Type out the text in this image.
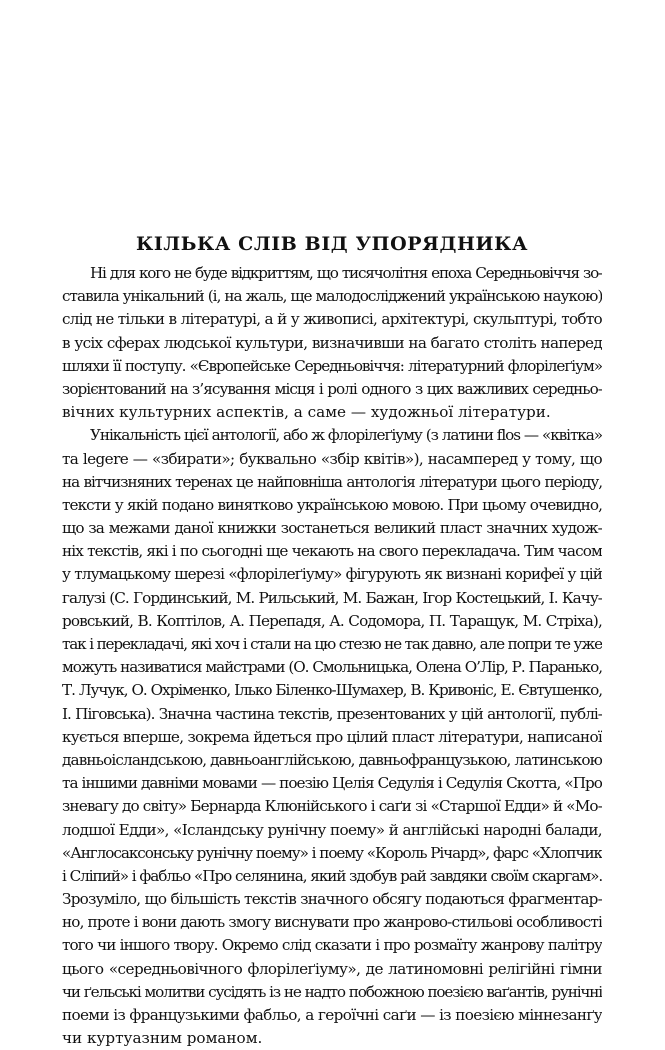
КІЛЬКА СЛІВ ВІД УПОРЯДНИКА
Ні для кого не буде відкриттям, що тисячолітня епоха Середньовіччя зо-
ставила унікальний (і, на жаль, ще малодосліджений українською наукою)
слід не тільки в літературі, а й у живописі, архітектурі, скульптурі, тобто
в усіх сферах людської культури, визначивши на багато століть наперед
шляхи її поступу. «Європейське Середньовіччя: літературний флорілеґіум»
зорієнтований на з’ясування місця і ролі одного з цих важливих середньо-
вічних культурних аспектів, а саме — художньої літератури.
Унікальність цієї антології, або ж флорілеґіуму (з латини flos — «квітка»
та legere — «збирати»; буквально «збір квітів»), насамперед у тому, що
на вітчизняних теренах це найповніша антологія літератури цього періоду,
тексти у якій подано винятково українською мовою. При цьому очевидно,
що за межами даної книжки зостанеться великий пласт значних худож-
ніх текстів, які і по сьогодні ще чекають на свого перекладача. Тим часом
у тлумацькому шерезі «флорілеґіуму» фігурують як визнані корифеї у цій
галузі (С. Гординський, М. Рильський, М. Бажан, Ігор Костецький, І. Качу-
ровський, В. Коптілов, А. Перепадя, А. Содомора, П. Таращук, М. Стріха),
так і перекладачі, які хоч і стали на цю стезю не так давно, але попри те уже
можуть називатися майстрами (О. Смольницька, Олена О’Лір, Р. Паранько,
Т. Лучук, О. Охріменко, Ілько Біленко-Шумахер, В. Кривоніс, Е. Євтушенко,
І. Піговська). Значна частина текстів, презентованих у цій антології, публі-
кується вперше, зокрема йдеться про цілий пласт літератури, написаної
давньоісландською, давньоанглійською, давньофранцузькою, латинською
та іншими давніми мовами — поезію Целія Седулія і Седулія Скотта, «Про
зневагу до світу» Бернарда Клюнійського і саґи зі «Старшої Едди» й «Мо-
лодшої Едди», «Ісландську рунічну поему» й англійські народні балади,
«Англосаксонську рунічну поему» і поему «Король Річард», фарс «Хлопчик
і Сліпий» і фабльо «Про селянина, який здобув рай завдяки своїм скаргам».
Зрозуміло, що більшість текстів значного обсягу подаються фрагментар-
но, проте і вони дають змогу виснувати про жанрово-стильові особливості
того чи іншого твору. Окремо слід сказати і про розмаїту жанрову палітру
цього «середньовічного флорілеґіуму», де латиномовні релігійні гімни
чи ґельські молитви сусідять із не надто побожною поезією ваґантів, рунічні
поеми із французькими фабльо, а героїчні саґи — із поезією міннезанґу
чи куртуазним романом.
